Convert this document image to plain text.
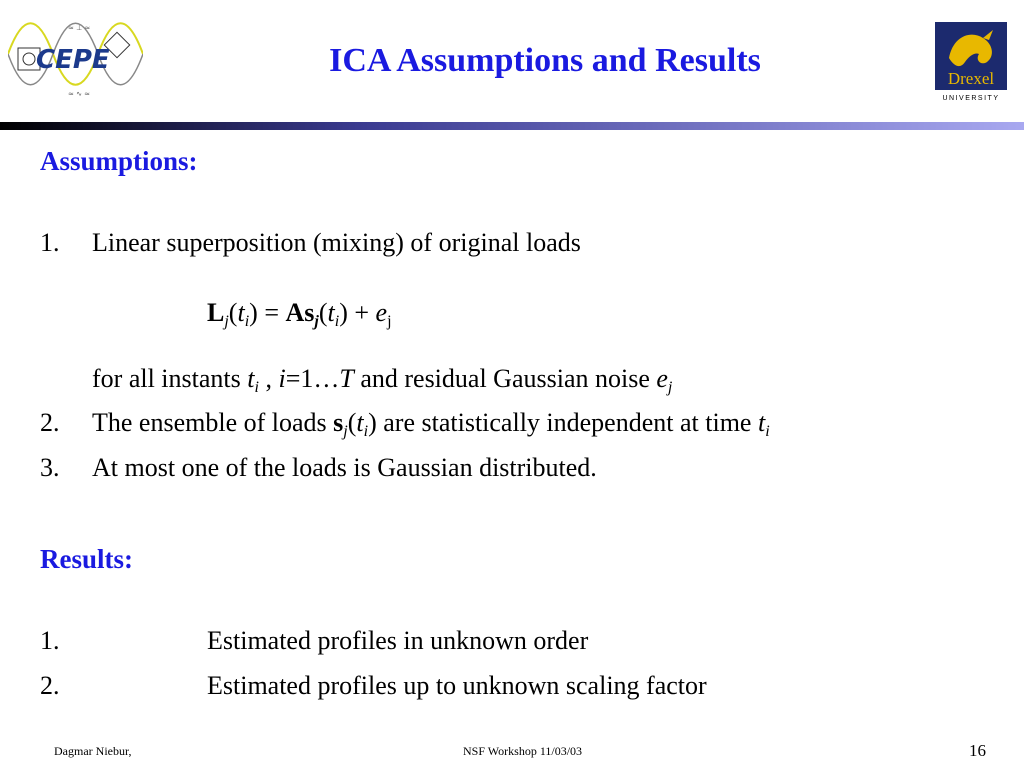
≈ ⊥ ≈
≈ ∿ ≈
CEPE	ICA Assumptions and Results	Drexel
UNIVERSITY
Assumptions:
1. Linear superposition (mixing) of original loads
$L_j(t_i) = As_j(t_i) + e_j$
for all instants $t_i$ , i=1…T and residual Gaussian noise $e_j$
2. The ensemble of loads $s_j(t_i)$ are statistically independent at time $t_i$
3. At most one of the loads is Gaussian distributed.
Results:
1.	Estimated profiles in unknown order
2.	Estimated profiles up to unknown scaling factor
Dagmar Niebur,	NSF Workshop 11/03/03	16
